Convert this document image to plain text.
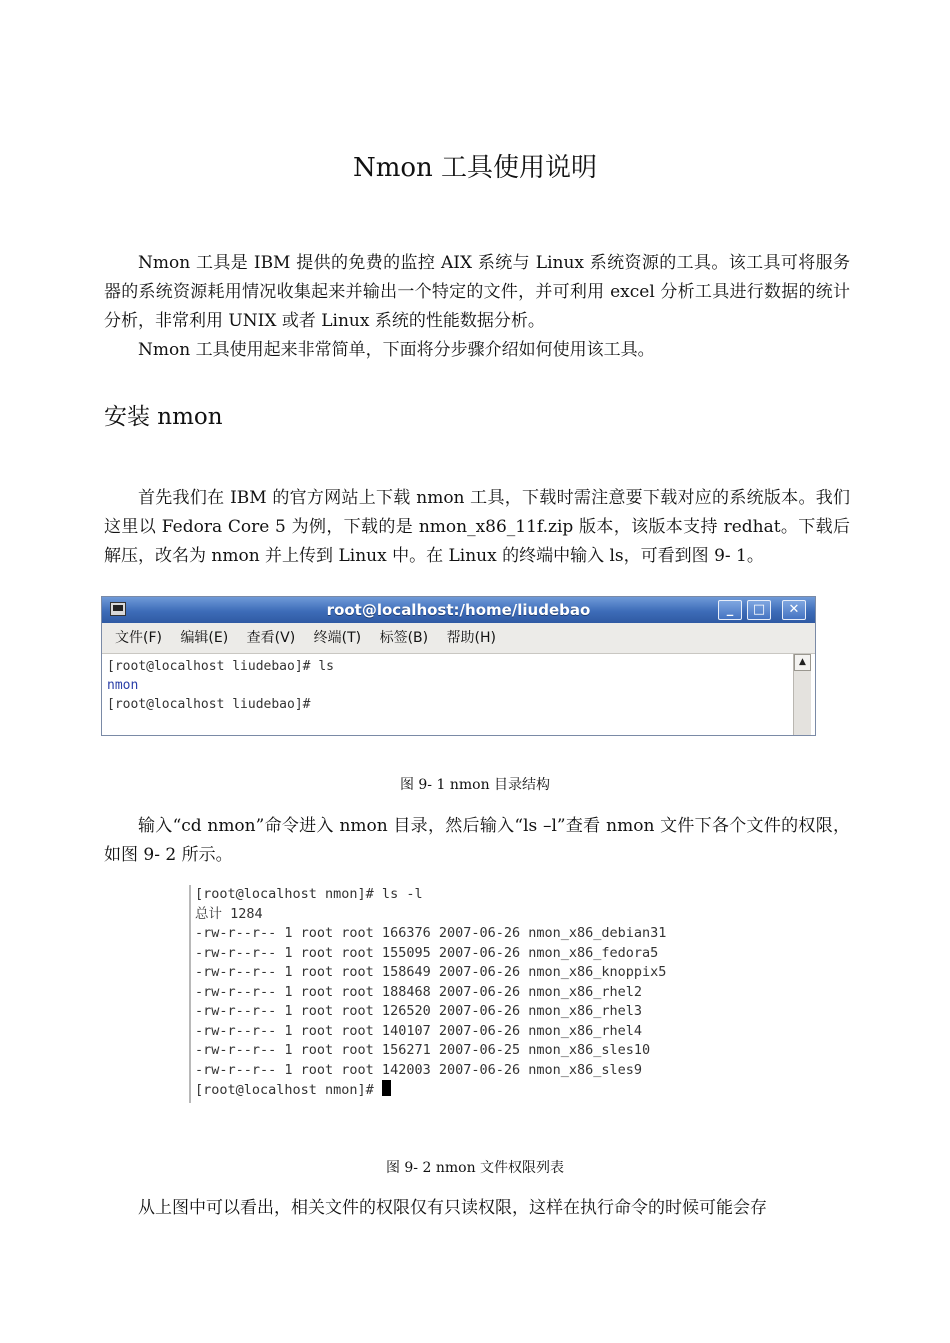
Nmon 工具使用说明

Nmon 工具是 IBM 提供的免费的监控 AIX 系统与 Linux 系统资源的工具。该工具可将服务器的系统资源耗用情况收集起来并输出一个特定的文件，并可利用 excel 分析工具进行数据的统计分析，非常利用 UNIX 或者 Linux 系统的性能数据分析。

Nmon 工具使用起来非常简单，下面将分步骤介绍如何使用该工具。

安装 nmon

首先我们在 IBM 的官方网站上下载 nmon 工具，下载时需注意要下载对应的系统版本。我们这里以 Fedora Core 5 为例，下载的是 nmon_x86_11f.zip 版本，该版本支持 redhat。下载后解压，改名为 nmon 并上传到 Linux 中。在 Linux 的终端中输入 ls，可看到图 9- 1。

root@localhost:/home/liudebao	_	□	✕
文件(F) 编辑(E) 查看(V) 终端(T) 标签(B) 帮助(H)
[root@localhost liudebao]# ls
nmon
[root@localhost liudebao]#
▲
图 9- 1 nmon 目录结构

输入“cd nmon”命令进入 nmon 目录，然后输入“ls –l”查看 nmon 文件下各个文件的权限，如图 9- 2 所示。

[root@localhost nmon]# ls -l
总计 1284
-rw-r--r-- 1 root root 166376 2007-06-26 nmon_x86_debian31
-rw-r--r-- 1 root root 155095 2007-06-26 nmon_x86_fedora5
-rw-r--r-- 1 root root 158649 2007-06-26 nmon_x86_knoppix5
-rw-r--r-- 1 root root 188468 2007-06-26 nmon_x86_rhel2
-rw-r--r-- 1 root root 126520 2007-06-26 nmon_x86_rhel3
-rw-r--r-- 1 root root 140107 2007-06-26 nmon_x86_rhel4
-rw-r--r-- 1 root root 156271 2007-06-25 nmon_x86_sles10
-rw-r--r-- 1 root root 142003 2007-06-26 nmon_x86_sles9
[root@localhost nmon]#
图 9- 2 nmon 文件权限列表

从上图中可以看出，相关文件的权限仅有只读权限，这样在执行命令的时候可能会存
